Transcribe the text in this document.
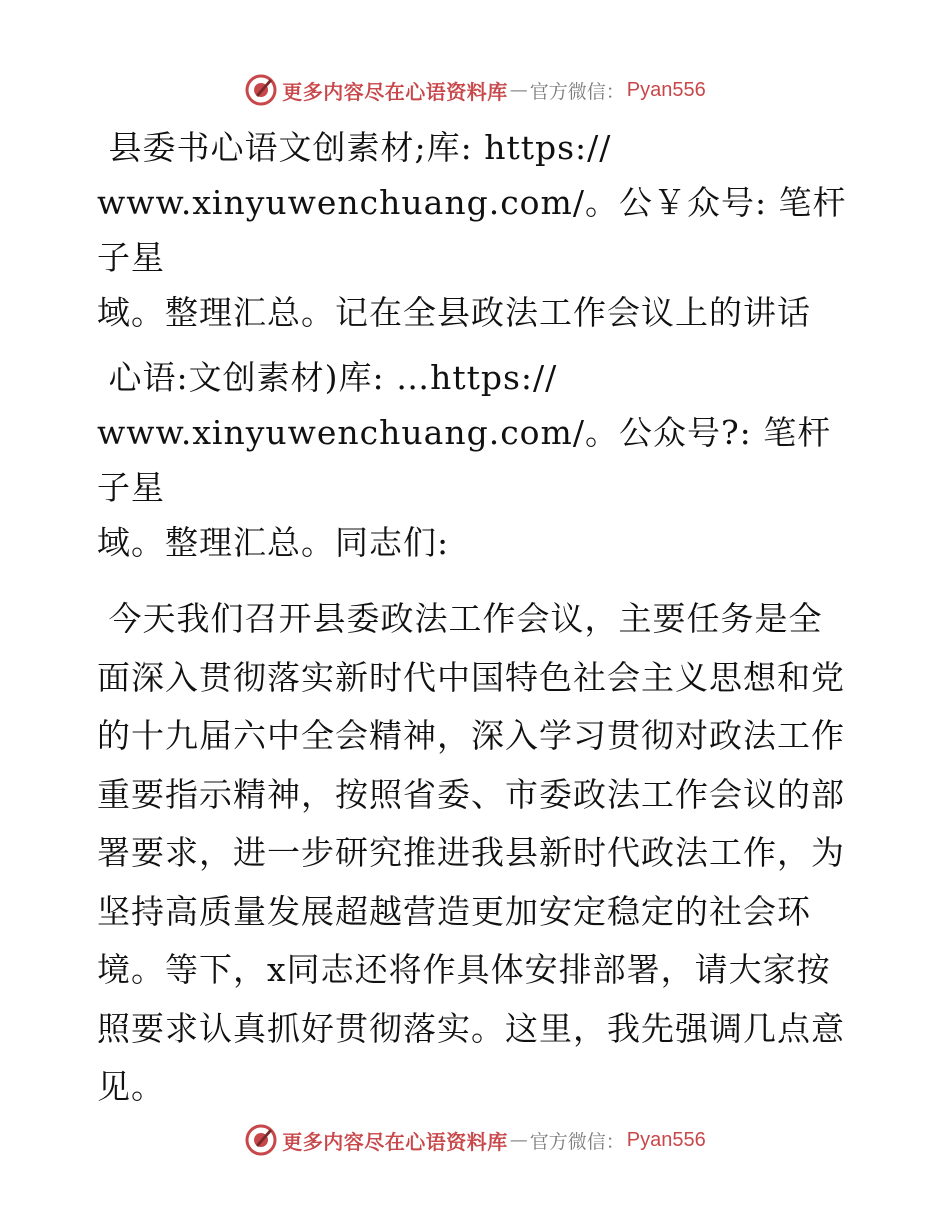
更多内容尽在心语资料库 — 官方微信： Pyan556

县委书心语文创素材;库: https://
www.xinyuwenchuang.com/。公￥众号: 笔杆子星
域。整理汇总。记在全县政法工作会议上的讲话

心语:文创素材)库: …https://
www.xinyuwenchuang.com/。公众号?: 笔杆子星
域。整理汇总。同志们:

今天我们召开县委政法工作会议，主要任务是全
面深入贯彻落实新时代中国特色社会主义思想和党
的十九届六中全会精神，深入学习贯彻对政法工作
重要指示精神，按照省委、市委政法工作会议的部
署要求，进一步研究推进我县新时代政法工作，为
坚持高质量发展超越营造更加安定稳定的社会环
境。等下，x同志还将作具体安排部署，请大家按
照要求认真抓好贯彻落实。这里，我先强调几点意
见。

更多内容尽在心语资料库 — 官方微信： Pyan556
